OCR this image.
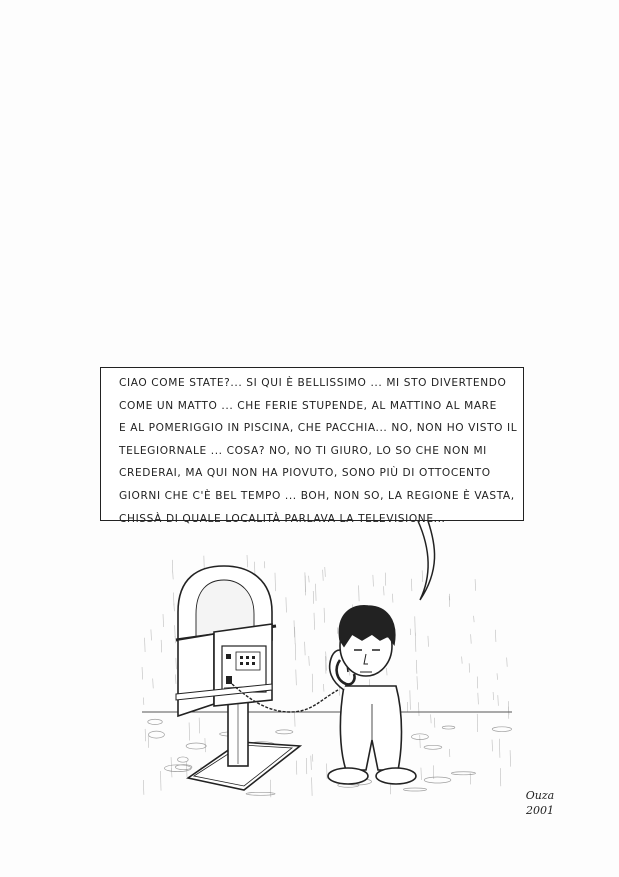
CIAO COME STATE?... SI QUI È BELLISSIMO ... MI STO DIVERTENDO
COME UN MATTO ... CHE FERIE STUPENDE, AL MATTINO AL MARE
E AL POMERIGGIO IN PISCINA, CHE PACCHIA... NO, NON HO VISTO IL
TELEGIORNALE ... COSA? NO, NO TI GIURO, LO SO CHE NON MI
CREDERAI, MA QUI NON HA PIOVUTO, SONO PIÙ DI OTTOCENTO
GIORNI CHE C'È BEL TEMPO ... BOH, NON SO, LA REGIONE È VASTA,
CHISSÀ DI QUALE LOCALITÀ PARLAVA LA TELEVISIONE...
Ouza
2001
